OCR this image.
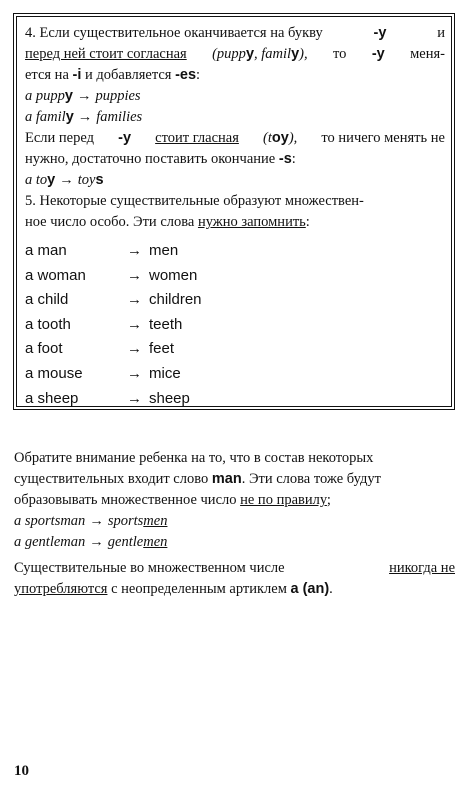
4. Если существительное оканчивается на букву	-y	и
перед ней стоит согласная (puppy, family), то -y меня-
ется на -i и добавляется -es:
a puppy → puppies
a family → families
Если перед -y стоит гласная (toy), то ничего менять не
нужно, достаточно поставить окончание -s:
a toy → toys
5. Некоторые существительные образуют множествен-
ное число особо. Эти слова нужно запомнить:
a man	→ men
a woman	→ women
a child	→ children
a tooth	→ teeth
a foot	→ feet
a mouse	→ mice
a sheep	→ sheep
Обратите внимание ребенка на то, что в состав некоторых
существительных входит слово man. Эти слова тоже будут
образовывать множественное число не по правилу;
a sportsman → sportsmen
a gentleman → gentlemen
Существительные во множественном числе	никогда не
употребляются с неопределенным артиклем a (an).
10
